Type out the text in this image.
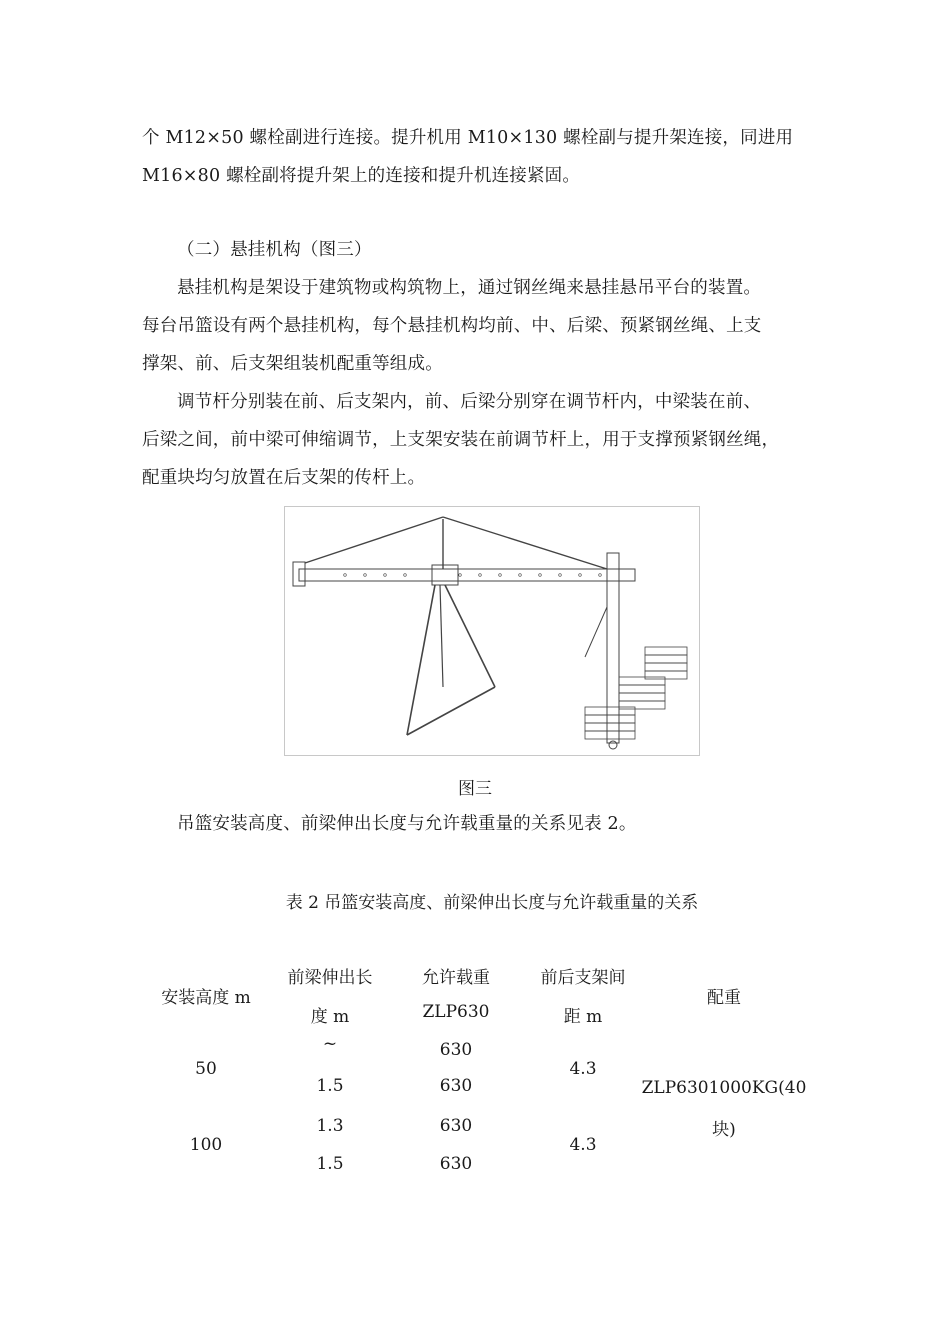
个 M12×50 螺栓副进行连接。提升机用 M10×130 螺栓副与提升架连接，同进用

M16×80 螺栓副将提升架上的连接和提升机连接紧固。

（二）悬挂机构（图三）

悬挂机构是架设于建筑物或构筑物上，通过钢丝绳来悬挂悬吊平台的装置。

每台吊篮设有两个悬挂机构，每个悬挂机构均前、中、后梁、预紧钢丝绳、上支

撑架、前、后支架组装机配重等组成。

调节杆分别装在前、后支架内，前、后梁分别穿在调节杆内，中梁装在前、

后梁之间，前中梁可伸缩调节，上支架安装在前调节杆上，用于支撑预紧钢丝绳，

配重块均匀放置在后支架的传杆上。

图三

吊篮安装高度、前梁伸出长度与允许载重量的关系见表 2。

表 2 吊篮安装高度、前梁伸出长度与允许载重量的关系
安装高度 m
前梁伸出长
度 m
允许载重
ZLP630
前后支架间
距 m
配重
50
~
1.5
630
630
4.3
ZLP6301000KG(40
块)
100
1.3
1.5
630
630
4.3
